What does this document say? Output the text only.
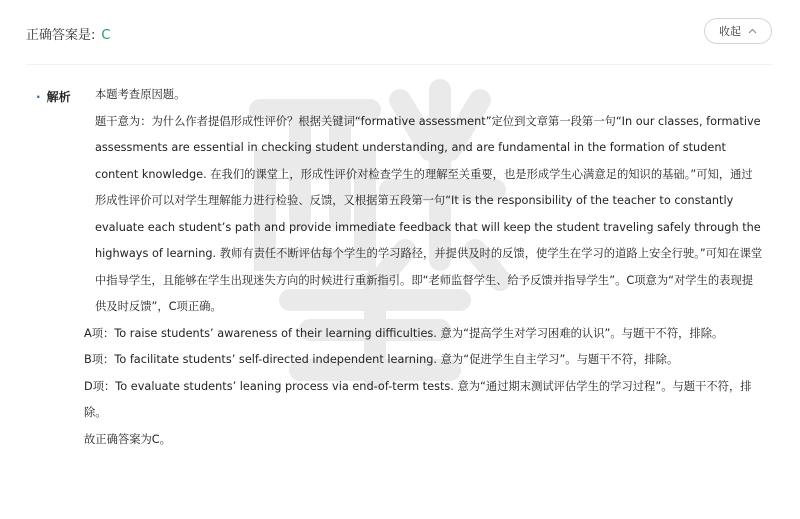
正确答案是: C	收起
· 解析 本题考查原因题。

题干意为：为什么作者提倡形成性评价？根据关键词“formative assessment”定位到文章第一段第一句“In our classes, formative assessments are essential in checking student understanding, and are fundamental in the formation of student content knowledge. 在我们的课堂上，形成性评价对检查学生的理解至关重要，也是形成学生心满意足的知识的基础。”可知，通过形成性评价可以对学生理解能力进行检验、反馈，又根据第五段第一句“It is the responsibility of the teacher to constantly evaluate each student’s path and provide immediate feedback that will keep the student traveling safely through the highways of learning. 教师有责任不断评估每个学生的学习路径，并提供及时的反馈，使学生在学习的道路上安全行驶。”可知在课堂中指导学生，且能够在学生出现迷失方向的时候进行重新指引。即“老师监督学生、给予反馈并指导学生”。C项意为“对学生的表现提供及时反馈”，C项正确。

A项：To raise students’ awareness of their learning difficulties. 意为“提高学生对学习困难的认识”。与题干不符，排除。

B项：To facilitate students’ self-directed independent learning. 意为“促进学生自主学习”。与题干不符，排除。

D项：To evaluate students’ leaning process via end-of-term tests. 意为“通过期末测试评估学生的学习过程”。与题干不符，排除。

故正确答案为C。
